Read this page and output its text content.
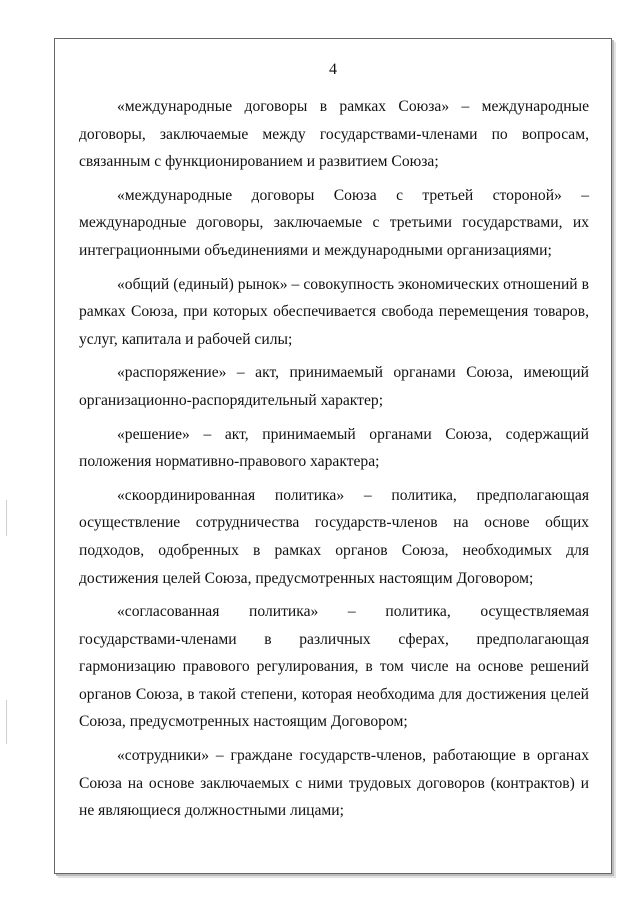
4

«международные договоры в рамках Союза» – международные договоры, заключаемые между государствами-членами по вопросам, связанным с функционированием и развитием Союза;

«международные договоры Союза с третьей стороной» – международные договоры, заключаемые с третьими государствами, их интеграционными объединениями и международными организациями;

«общий (единый) рынок» – совокупность экономических отношений в рамках Союза, при которых обеспечивается свобода перемещения товаров, услуг, капитала и рабочей силы;

«распоряжение» – акт, принимаемый органами Союза, имеющий организационно-распорядительный характер;

«решение» – акт, принимаемый органами Союза, содержащий положения нормативно-правового характера;

«скоординированная политика» – политика, предполагающая осуществление сотрудничества государств-членов на основе общих подходов, одобренных в рамках органов Союза, необходимых для достижения целей Союза, предусмотренных настоящим Договором;

«согласованная политика» – политика, осуществляемая государствами-членами в различных сферах, предполагающая гармонизацию правового регулирования, в том числе на основе решений органов Союза, в такой степени, которая необходима для достижения целей Союза, предусмотренных настоящим Договором;

«сотрудники» – граждане государств-членов, работающие в органах Союза на основе заключаемых с ними трудовых договоров (контрактов) и не являющиеся должностными лицами;
